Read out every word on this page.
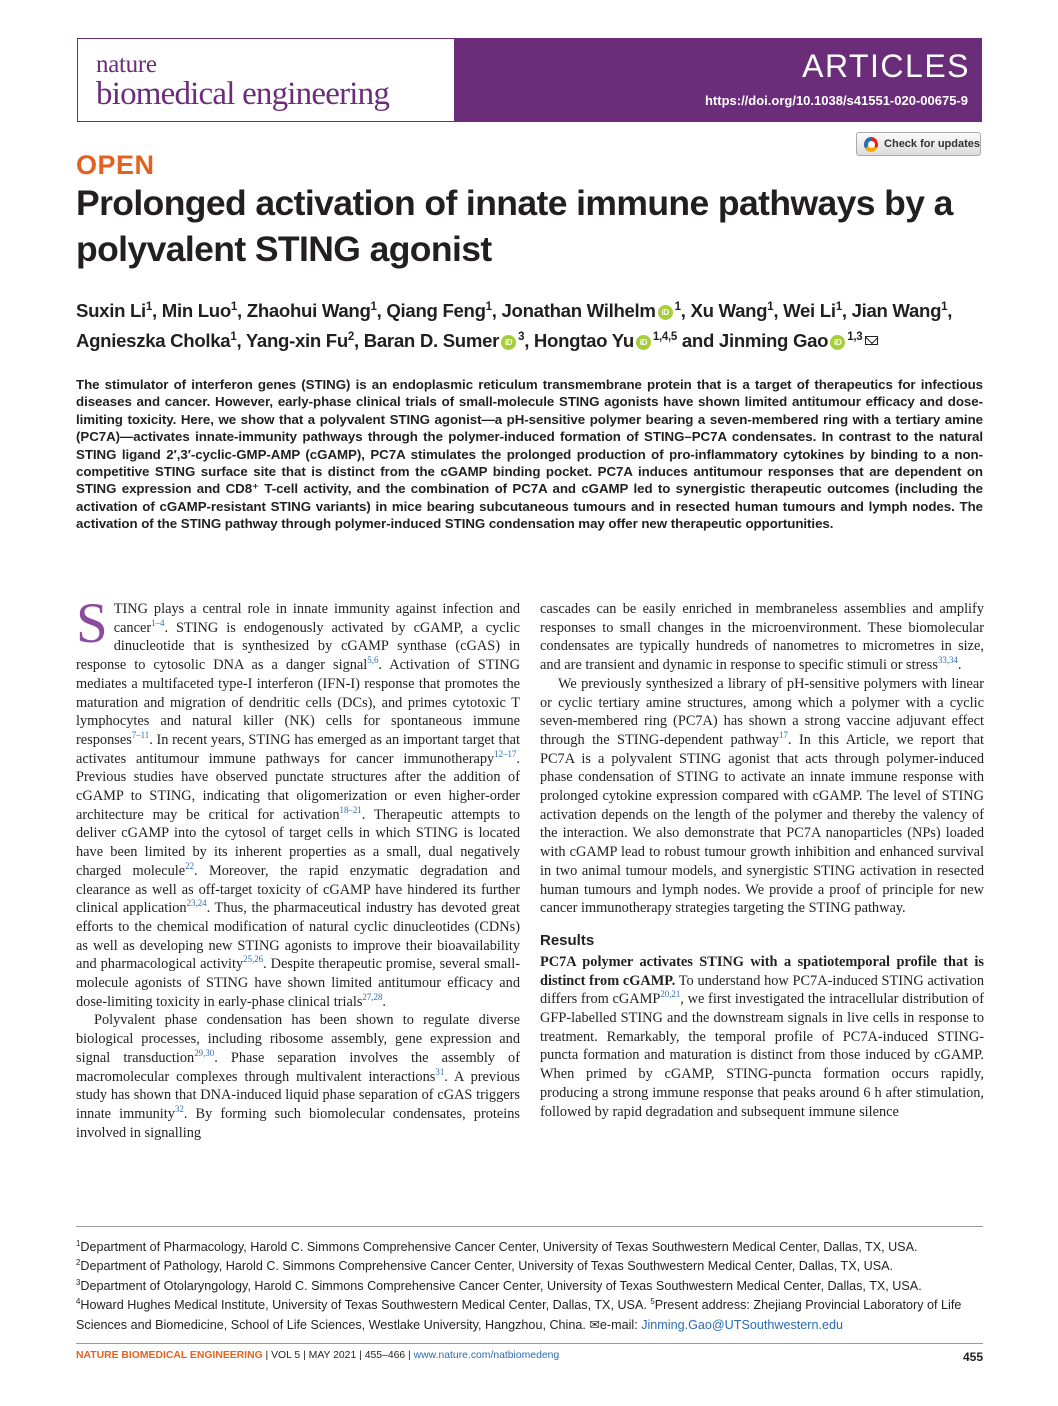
nature
biomedical engineering
ARTICLES
https://doi.org/10.1038/s41551-020-00675-9
Check for updates
OPEN
Prolonged activation of innate immune pathways by a polyvalent STING agonist
Suxin Li$^1$, Min Luo$^1$, Zhaohui Wang$^1$, Qiang Feng$^1$, Jonathan Wilhelm iD $^1$, Xu Wang$^1$, Wei Li$^1$, Jian Wang$^1$, Agnieszka Cholka$^1$, Yang-xin Fu$^2$, Baran D. Sumer iD $^3$, Hongtao Yu iD $^{1,4,5}$ and Jinming Gao iD $^{1,3}$

The stimulator of interferon genes (STING) is an endoplasmic reticulum transmembrane protein that is a target of therapeutics for infectious diseases and cancer. However, early-phase clinical trials of small-molecule STING agonists have shown limited antitumour efficacy and dose-limiting toxicity. Here, we show that a polyvalent STING agonist—a pH-sensitive polymer bearing a seven-membered ring with a tertiary amine (PC7A)—activates innate-immunity pathways through the polymer-induced formation of STING–PC7A condensates. In contrast to the natural STING ligand 2′,3′-cyclic-GMP-AMP (cGAMP), PC7A stimulates the prolonged production of pro-inflammatory cytokines by binding to a non-competitive STING surface site that is distinct from the cGAMP binding pocket. PC7A induces antitumour responses that are dependent on STING expression and CD8⁺ T-cell activity, and the combination of PC7A and cGAMP led to synergistic therapeutic outcomes (including the activation of cGAMP-resistant STING variants) in mice bearing subcutaneous tumours and in resected human tumours and lymph nodes. The activation of the STING pathway through polymer-induced STING condensation may offer new therapeutic opportunities.

STING plays a central role in innate immunity against infection and cancer$^{1-4}$. STING is endogenously activated by cGAMP, a cyclic dinucleotide that is synthesized by cGAMP synthase (cGAS) in response to cytosolic DNA as a danger signal$^{5,6}$. Activation of STING mediates a multifaceted type-I interferon (IFN-I) response that promotes the maturation and migration of dendritic cells (DCs), and primes cytotoxic T lymphocytes and natural killer (NK) cells for spontaneous immune responses$^{7-11}$. In recent years, STING has emerged as an important target that activates antitumour immune pathways for cancer immunotherapy$^{12-17}$. Previous studies have observed punctate structures after the addition of cGAMP to STING, indicating that oligomerization or even higher-order architecture may be critical for activation$^{18-21}$. Therapeutic attempts to deliver cGAMP into the cytosol of target cells in which STING is located have been limited by its inherent properties as a small, dual negatively charged molecule$^{22}$. Moreover, the rapid enzymatic degradation and clearance as well as off-target toxicity of cGAMP have hindered its further clinical application$^{23,24}$. Thus, the pharmaceutical industry has devoted great efforts to the chemical modification of natural cyclic dinucleotides (CDNs) as well as developing new STING agonists to improve their bioavailability and pharmacological activity$^{25,26}$. Despite therapeutic promise, several small-molecule agonists of STING have shown limited antitumour efficacy and dose-limiting toxicity in early-phase clinical trials$^{27,28}$.

Polyvalent phase condensation has been shown to regulate diverse biological processes, including ribosome assembly, gene expression and signal transduction$^{29,30}$. Phase separation involves the assembly of macromolecular complexes through multivalent interactions$^{31}$. A previous study has shown that DNA-induced liquid phase separation of cGAS triggers innate immunity$^{32}$. By forming such biomolecular condensates, proteins involved in signalling

cascades can be easily enriched in membraneless assemblies and amplify responses to small changes in the microenvironment. These biomolecular condensates are typically hundreds of nanometres to micrometres in size, and are transient and dynamic in response to specific stimuli or stress$^{33,34}$.

We previously synthesized a library of pH-sensitive polymers with linear or cyclic tertiary amine structures, among which a polymer with a cyclic seven-membered ring (PC7A) has shown a strong vaccine adjuvant effect through the STING-dependent pathway$^{17}$. In this Article, we report that PC7A is a polyvalent STING agonist that acts through polymer-induced phase condensation of STING to activate an innate immune response with prolonged cytokine expression compared with cGAMP. The level of STING activation depends on the length of the polymer and thereby the valency of the interaction. We also demonstrate that PC7A nanoparticles (NPs) loaded with cGAMP lead to robust tumour growth inhibition and enhanced survival in two animal tumour models, and synergistic STING activation in resected human tumours and lymph nodes. We provide a proof of principle for new cancer immunotherapy strategies targeting the STING pathway.

Results

PC7A polymer activates STING with a spatiotemporal profile that is distinct from cGAMP. To understand how PC7A-induced STING activation differs from cGAMP$^{20,21}$, we first investigated the intracellular distribution of GFP-labelled STING and the downstream signals in live cells in response to treatment. Remarkably, the temporal profile of PC7A-induced STING-puncta formation and maturation is distinct from those induced by cGAMP. When primed by cGAMP, STING-puncta formation occurs rapidly, producing a strong immune response that peaks around 6 h after stimulation, followed by rapid degradation and subsequent immune silence

$^1$Department of Pharmacology, Harold C. Simmons Comprehensive Cancer Center, University of Texas Southwestern Medical Center, Dallas, TX, USA.

$^2$Department of Pathology, Harold C. Simmons Comprehensive Cancer Center, University of Texas Southwestern Medical Center, Dallas, TX, USA.

$^3$Department of Otolaryngology, Harold C. Simmons Comprehensive Cancer Center, University of Texas Southwestern Medical Center, Dallas, TX, USA.

$^4$Howard Hughes Medical Institute, University of Texas Southwestern Medical Center, Dallas, TX, USA. $^5$Present address: Zhejiang Provincial Laboratory of Life Sciences and Biomedicine, School of Life Sciences, Westlake University, Hangzhou, China. ✉e-mail: Jinming.Gao@UTSouthwestern.edu

NATURE BIOMEDICAL ENGINEERING | VOL 5 | MAY 2021 | 455–466 | www.nature.com/natbiomedeng	455
